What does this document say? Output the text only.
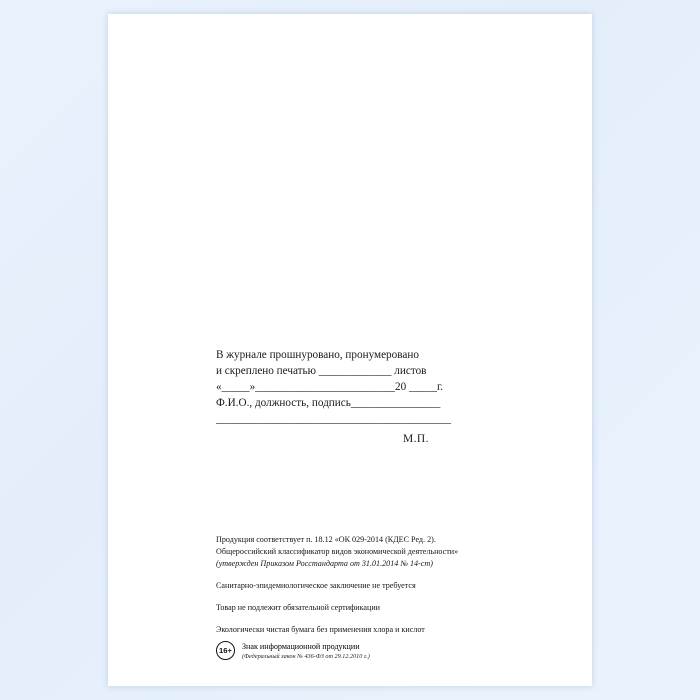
В журнале прошнуровано, пронумеровано
и скреплено печатью _____________ листов
«_____»_________________________20 _____г.
Ф.И.О., должность, подпись________________
__________________________________________
М.П.
Продукция соответствует п. 18.12 «ОК 029-2014 (КДЕС Ред. 2).
Общероссийский классификатор видов экономической деятельности»
(утвержден Приказом Росстандарта от 31.01.2014 № 14-ст)
Санитарно-эпидемиологическое заключение не требуется
Товар не подлежит обязательной сертификации
Экологически чистая бумага без применения хлора и кислот
16+	Знак информационной продукции
(Федеральный закон № 436-ФЗ от 29.12.2010 г.)
